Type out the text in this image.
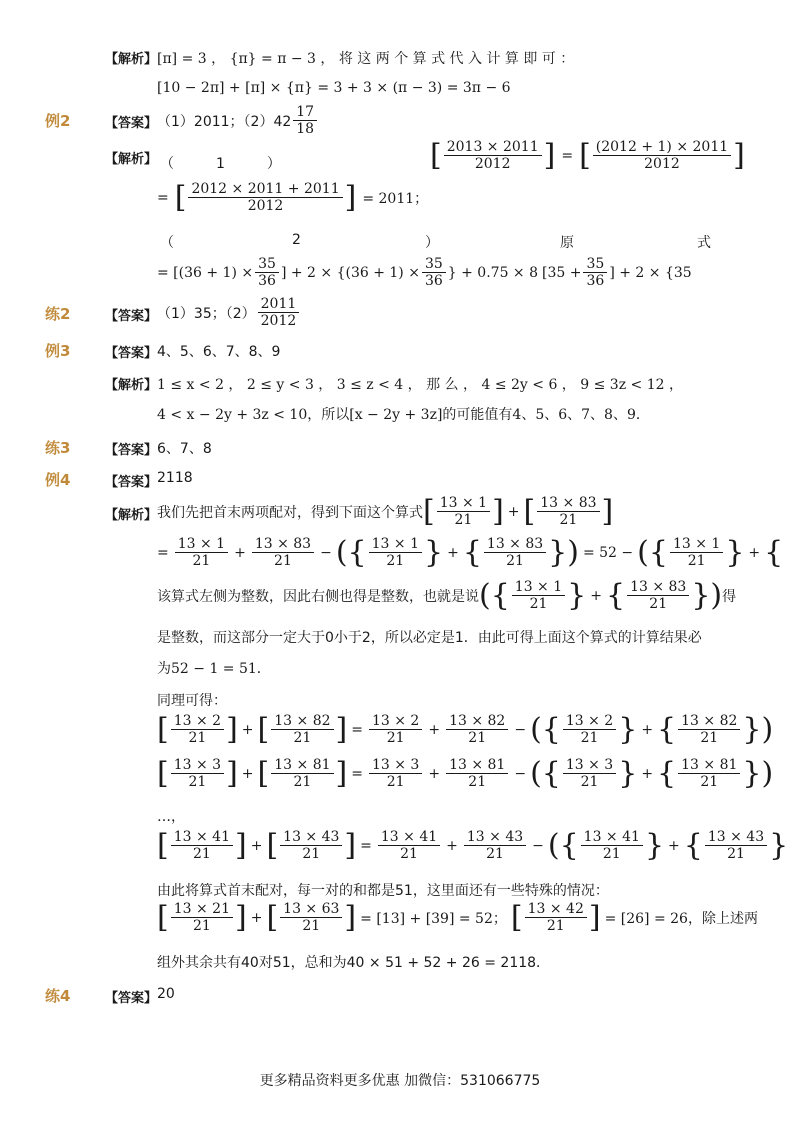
【解析】 [π] = 3 ， {π} = π − 3 ， 将 这 两 个 算 式 代 入 计 算 即 可 ：
[10 − 2π] + [π] × {π} = 3 + 3 × (π − 3) = 3π − 6
例2	【答案】 （1）2011；$(2)42 \frac{17}{18}$
【解析】 （　　　1　　　）	[ $\frac{2013 \times 2011}{2012}$ ] = [ $\frac{(2012 + 1) \times 2011}{2012}$ ]
= [ $\frac{2012 \times 2011 + 2011}{2012}$ ] = 2011；
（	2	）	原	式
= [$(36 + 1) \times \frac{35}{36}$ ] + $2 \times \{(36 + 1) \times \frac{35}{36}$ } + 0.75 × 8 [$35 + \frac{35}{36}$ ] + 2 × {35
练2	【答案】 （1）35；$(2) \frac{2011}{2012}$
例3	【答案】 4、5、6、7、8、9
【解析】 1 ≤ x < 2 ， 2 ≤ y < 3 ， 3 ≤ z < 4 ， 那 么 ， 4 ≤ 2y < 6 ， 9 ≤ 3z < 12 ，
4 < x − 2y + 3z < 10，所以[x − 2y + 3z]的可能值有4、5、6、7、8、9．
练3	【答案】 6、7、8
例4	【答案】 2118
【解析】 我们先把首末两项配对，得到下面这个算式 [ $\frac{13 \times 1}{21}$ ] + [ $\frac{13 \times 83}{21}$ ]
= $\frac{13 \times 1}{21} + \frac{13 \times 83}{21}$ − ({ $\frac{13 \times 1}{21}$ } + { $\frac{13 \times 83}{21}$ }) = 52 − ({ $\frac{13 \times 1}{21}$ } + {
该算式左侧为整数，因此右侧也得是整数，也就是说 ({ $\frac{13 \times 1}{21}$ } + { $\frac{13 \times 83}{21}$ }) 得
是整数，而这部分一定大于0小于2，所以必定是1．由此可得上面这个算式的计算结果必
为52 − 1 = 51．
同理可得：
[ $\frac{13 \times 2}{21}$ ] + [ $\frac{13 \times 82}{21}$ ] = $\frac{13 \times 2}{21} + \frac{13 \times 82}{21}$ − ({ $\frac{13 \times 2}{21}$ } + { $\frac{13 \times 82}{21}$ })
[ $\frac{13 \times 3}{21}$ ] + [ $\frac{13 \times 81}{21}$ ] = $\frac{13 \times 3}{21} + \frac{13 \times 81}{21}$ − ({ $\frac{13 \times 3}{21}$ } + { $\frac{13 \times 81}{21}$ })
…，
[ $\frac{13 \times 41}{21}$ ] + [ $\frac{13 \times 43}{21}$ ] = $\frac{13 \times 41}{21} + \frac{13 \times 43}{21}$ − ({ $\frac{13 \times 41}{21}$ } + { $\frac{13 \times 43}{21}$ }
由此将算式首末配对，每一对的和都是51，这里面还有一些特殊的情况：
[ $\frac{13 \times 21}{21}$ ] + [ $\frac{13 \times 63}{21}$ ] = [13] + [39] = 52； [ $\frac{13 \times 42}{21}$ ] = [26] = 26，除上述两
组外其余共有40对51，总和为40 × 51 + 52 + 26 = 2118．
练4	【答案】 20
更多精品资料更多优惠 加微信：531066775
